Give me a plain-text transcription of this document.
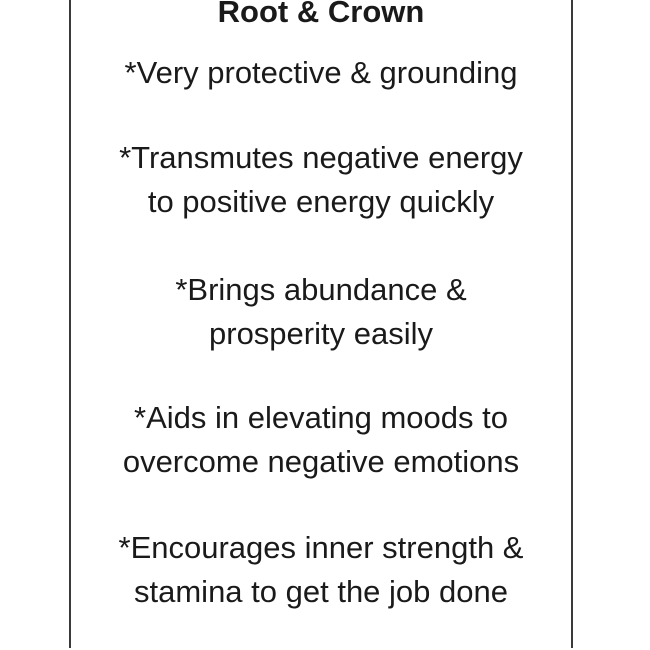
Root & Crown
*Very protective & grounding
*Transmutes negative energy
to positive energy quickly
*Brings abundance &
prosperity easily
*Aids in elevating moods to
overcome negative emotions
*Encourages inner strength &
stamina to get the job done
